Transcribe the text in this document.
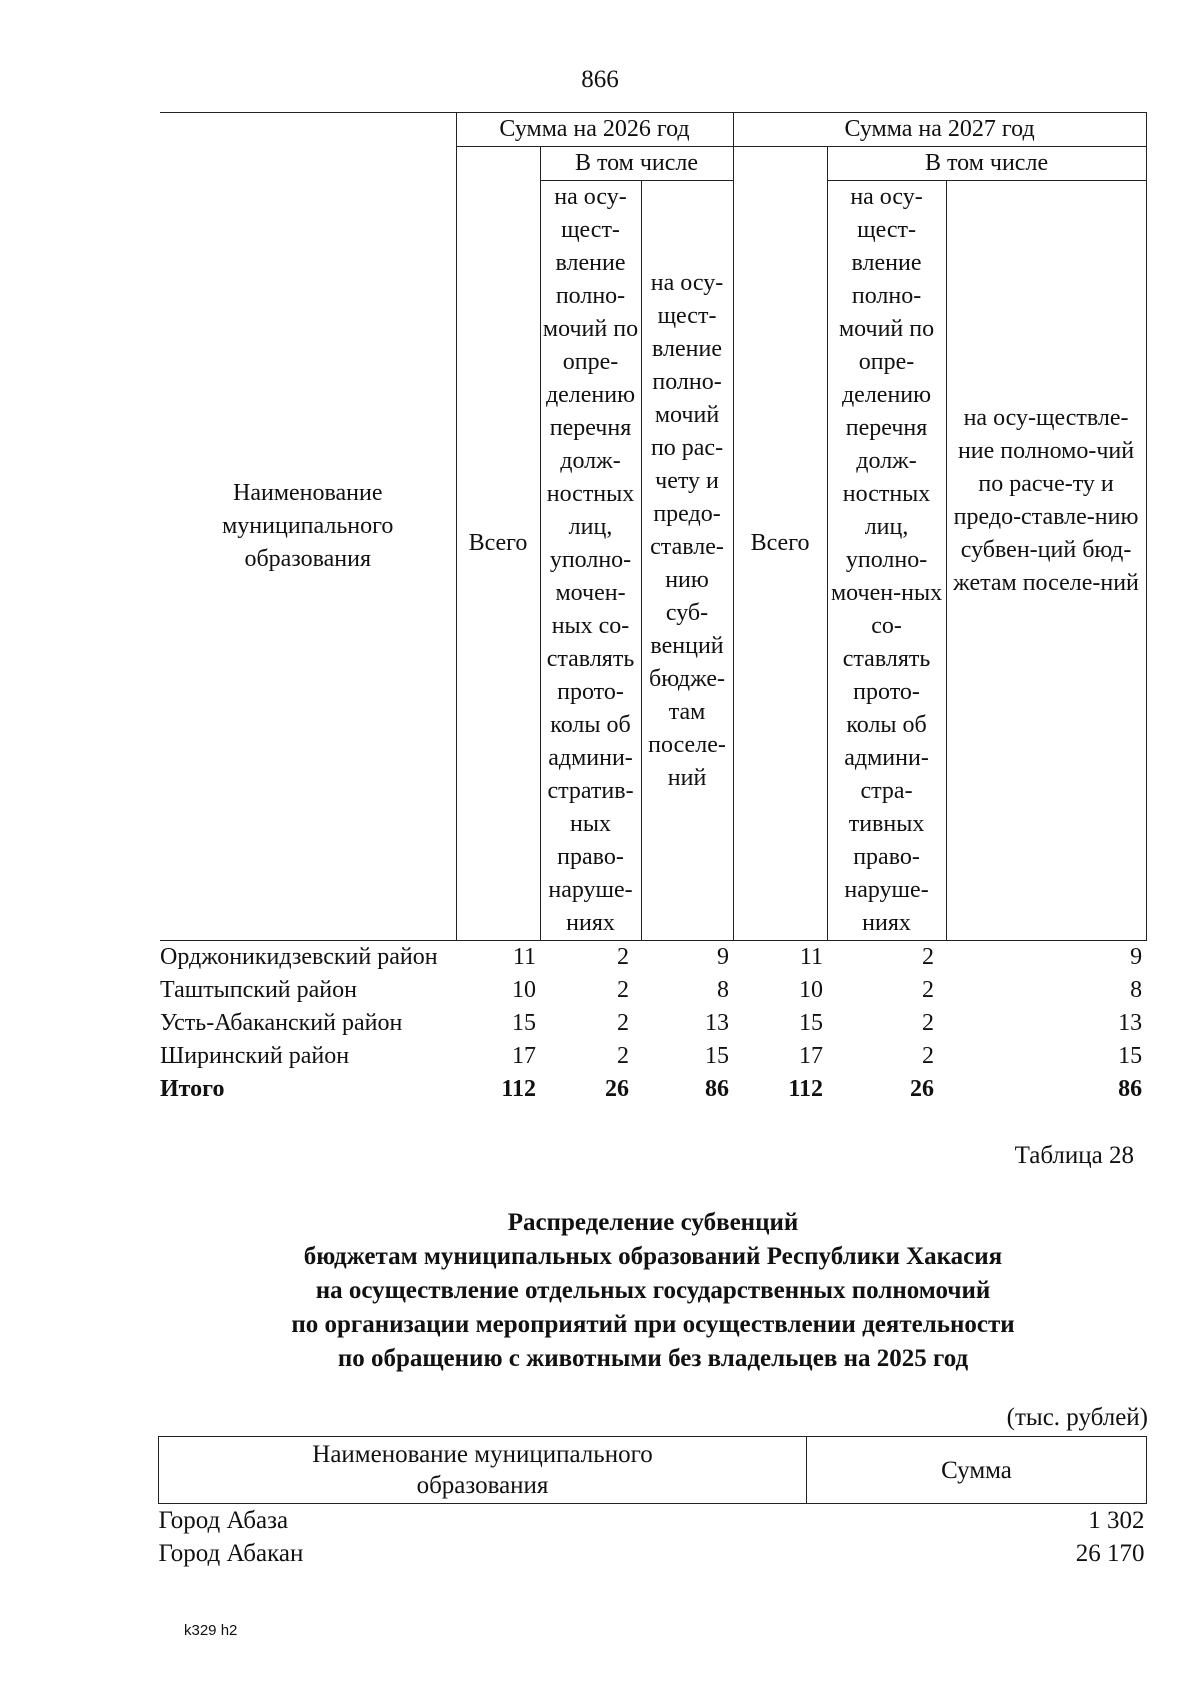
866
Наименование муниципального образования	Сумма на 2026 год			Сумма на 2027 год		
	Всего	В том числе		Всего	В том числе	
		на осу-щест-вление полно-мочий по опре-делению перечня долж-ностных лиц, уполно-мочен-ных со-ставлять прото-колы об админи-стратив-ных право-наруше-ниях	на осу-щест-вление полно-мочий по рас-чету и предо-ставле-нию суб-венций бюдже-там поселе-ний		на осу-щест-вление полно-мочий по опре-делению перечня долж-ностных лиц, уполно-мочен-ных со-ставлять прото-колы об админи-стра-тивных право-наруше-ниях	на осу-ществле-ние полномо-чий по расче-ту и предо-ставле-нию субвен-ций бюд-жетам поселе-ний
Орджоникидзевский район	11	2	9	11	2	9
Таштыпский район	10	2	8	10	2	8
Усть-Абаканский район	15	2	13	15	2	13
Ширинский район	17	2	15	17	2	15
Итого	112	26	86	112	26	86
Таблица 28
Распределение субвенций
бюджетам муниципальных образований Республики Хакасия
на осуществление отдельных государственных полномочий
по организации мероприятий при осуществлении деятельности
по обращению с животными без владельцев на 2025 год
(тыс. рублей)
Наименование муниципального образования	Сумма
Город Абаза	1 302
Город Абакан	26 170
k329 h2
